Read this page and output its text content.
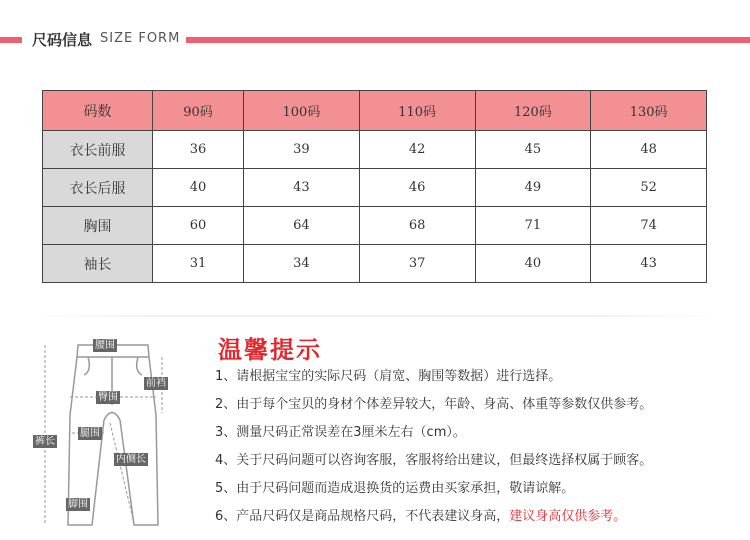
尺码信息 SIZE FORM
码数	90码	100码	110码	120码	130码
衣长前服	36	39	42	45	48
衣长后服	40	43	46	49	52
胸围	60	64	68	71	74
袖长	31	34	37	40	43
腰围
前裆
臀围
腿围
裤长
内侧长
脚围
温馨提示
1、请根据宝宝的实际尺码（肩宽、胸围等数据）进行选择。
2、由于每个宝贝的身材个体差异较大，年龄、身高、体重等参数仅供参考。
3、测量尺码正常误差在3厘米左右（cm）。
4、关于尺码问题可以咨询客服，客服将给出建议，但最终选择权属于顾客。
5、由于尺码问题而造成退换货的运费由买家承担，敬请谅解。
6、产品尺码仅是商品规格尺码，不代表建议身高，建议身高仅供参考。
